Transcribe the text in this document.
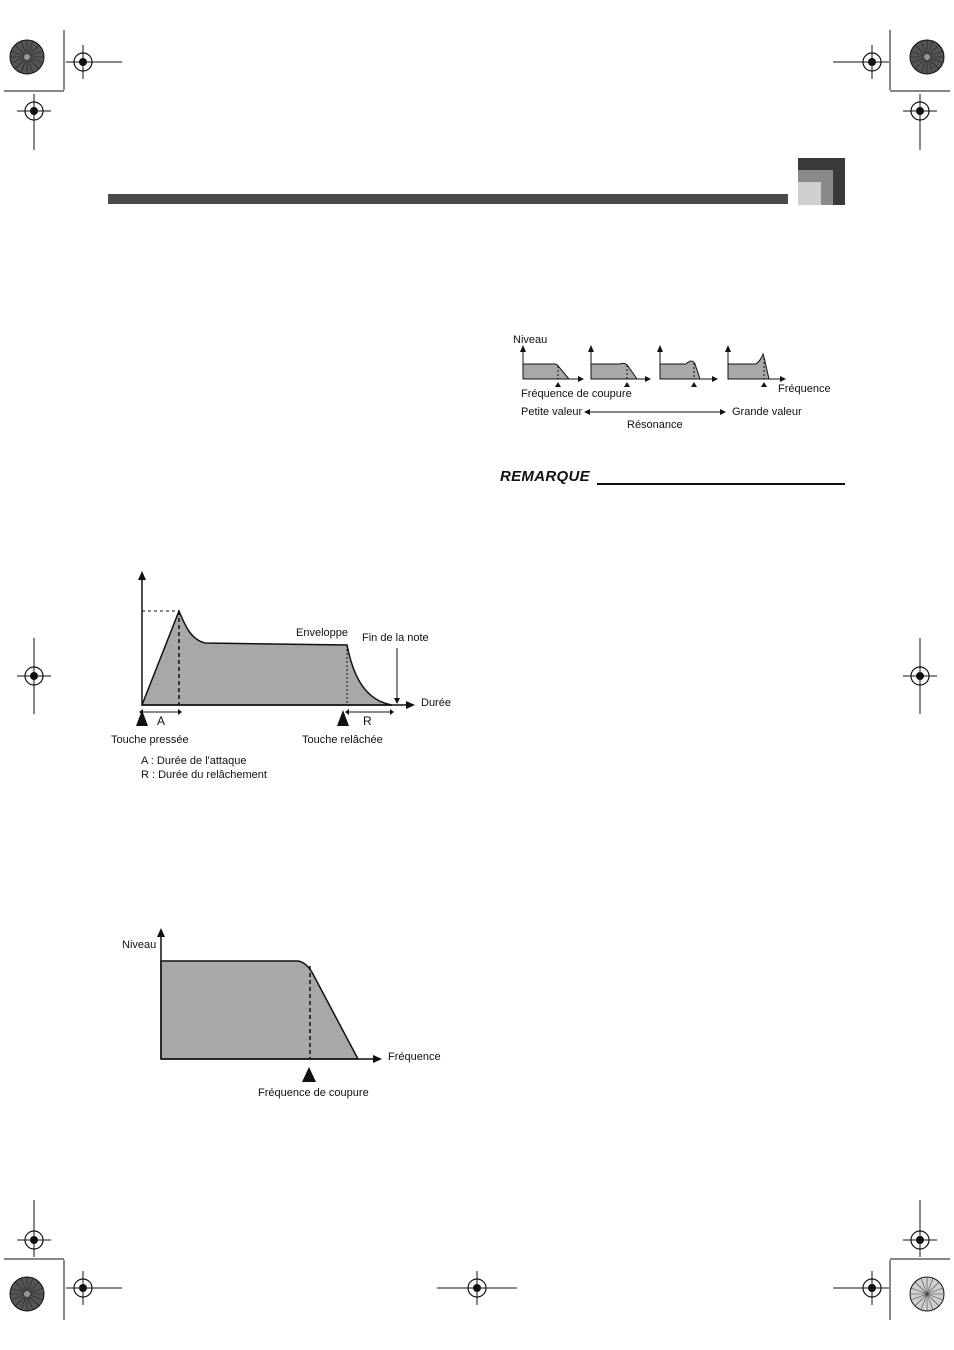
Niveau
Fréquence de coupure	Fréquence
Petite valeur	Grande valeur
Résonance
REMARQUE
Enveloppe Fin de la note
Durée
A	R
Touche pressée	Touche relâchée
A : Durée de l'attaque
R : Durée du relâchement
Niveau
Fréquence
Fréquence de coupure
